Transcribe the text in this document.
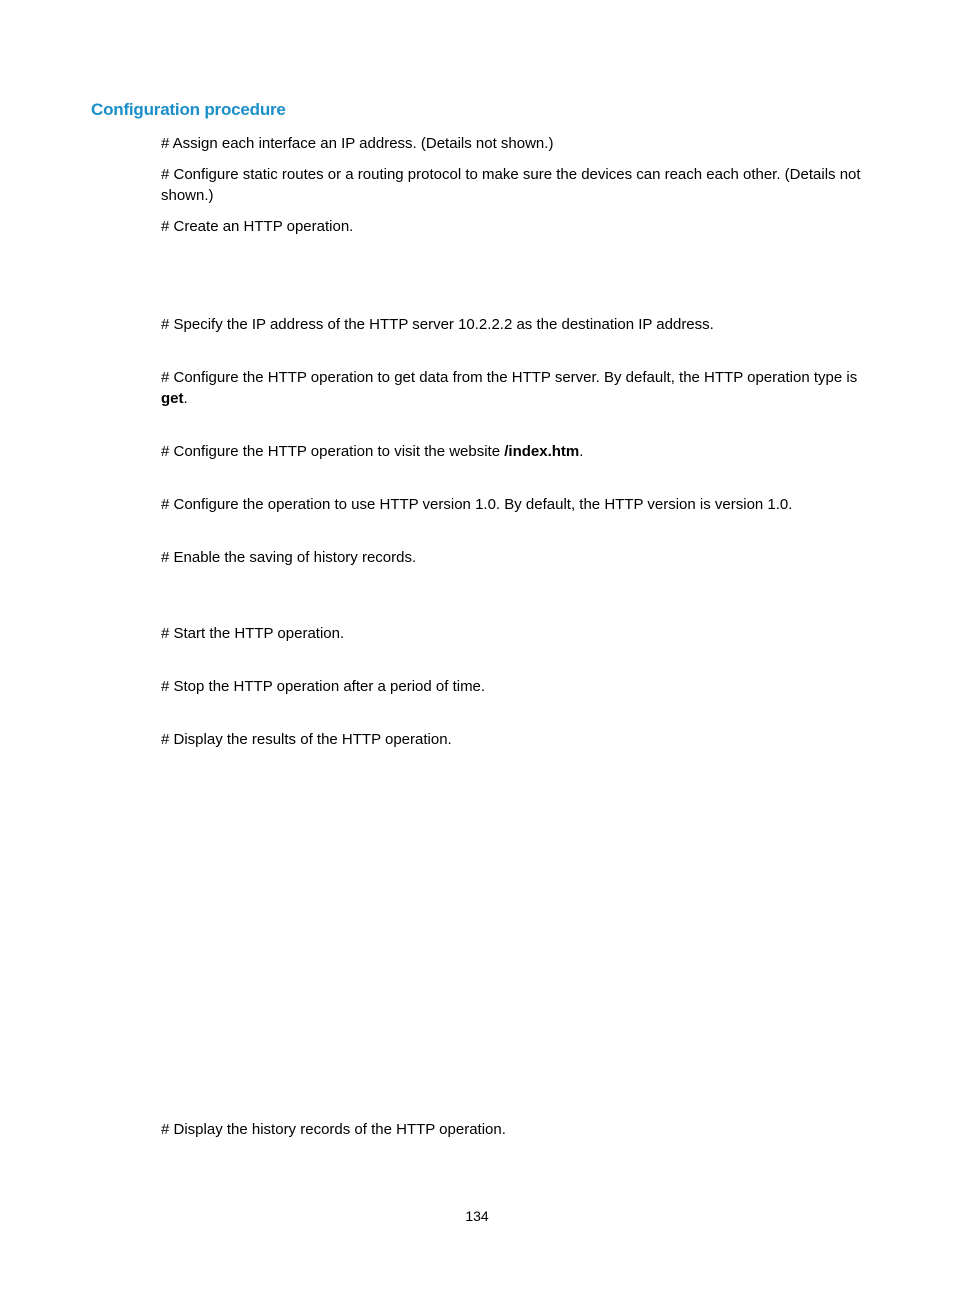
Configuration procedure
# Assign each interface an IP address. (Details not shown.)
# Configure static routes or a routing protocol to make sure the devices can reach each other. (Details not shown.)
# Create an HTTP operation.
# Specify the IP address of the HTTP server 10.2.2.2 as the destination IP address.
# Configure the HTTP operation to get data from the HTTP server. By default, the HTTP operation type is get.
# Configure the HTTP operation to visit the website /index.htm.
# Configure the operation to use HTTP version 1.0. By default, the HTTP version is version 1.0.
# Enable the saving of history records.
# Start the HTTP operation.
# Stop the HTTP operation after a period of time.
# Display the results of the HTTP operation.
# Display the history records of the HTTP operation.
134
